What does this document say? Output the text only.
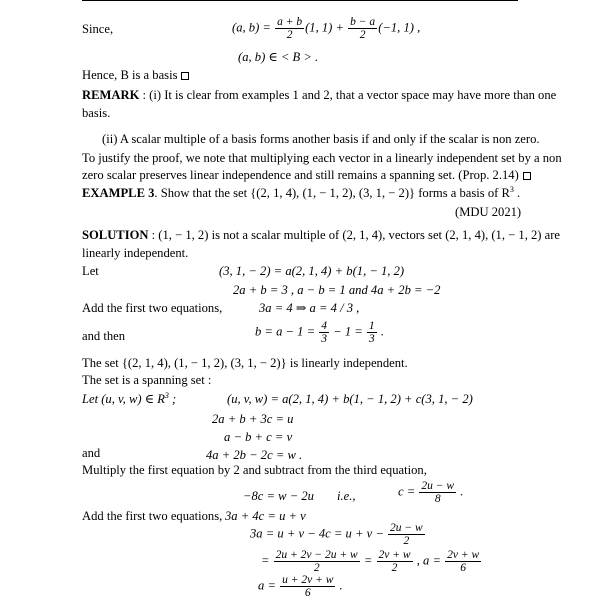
Since,	(a, $b) = \frac{a + b}{2} (1$, $1) + \frac{b - a}{2} (-1$, 1) ,
(a, b) ∈ < B > .
Hence, B is a basis
REMARK : (i) It is clear from examples 1 and 2, that a vector space may have more than one
basis.
(ii) A scalar multiple of a basis forms another basis if and only if the scalar is non zero.
To justify the proof, we note that multiplying each vector in a linearly independent set by a non
zero scalar preserves linear independence and still remains a spanning set. (Prop. 2.14)
EXAMPLE 3. Show that the set {(2, 1, 4), (1, − 1, 2), (3, 1, − 2)} forms a basis of $R^3$ .
(MDU 2021)
SOLUTION : (1, − 1, 2) is not a scalar multiple of (2, 1, 4), vectors set (2, 1, 4), (1, − 1, 2) are
linearly independent.
Let	(3, 1, − 2) = a(2, 1, 4) + b(1, − 1, 2)
2a + b = 3 , a − b = 1 and 4a + 2b = −2
Add the first two equations,	3a = 4 ⇒ a = 4 / 3 ,
and then	$b = a - 1 = \frac{4}{3} - 1 = \frac{1}{3}$ .
The set {(2, 1, 4), (1, − 1, 2), (3, 1, − 2)} is linearly independent.
The set is a spanning set :
Let (u, v, w) ∈ $R^3$ ;	(u, v, w) = a(2, 1, 4) + b(1, − 1, 2) + c(3, 1, − 2)
2a + b + 3c = u
a − b + c = v
and	4a + 2b − 2c = w .
Multiply the first equation by 2 and subtract from the third equation,
−8c = w − 2u i.e.,	$c = \frac{2u - w}{8}$ .
Add the first two equations, 3a + 4c = u + v
$3a = u + v - 4c = u + v - \frac{2u - w}{2}$
= $\frac{2u + 2v - 2u + w}{2} = \frac{2v + w}{2}$ , $a = \frac{2v + w}{6}$
$a = \frac{u + 2v + w}{6}$ .
